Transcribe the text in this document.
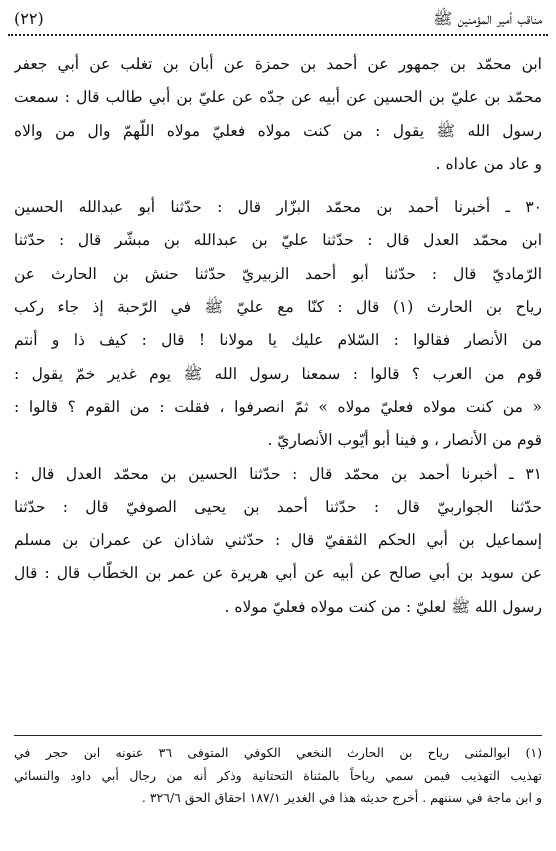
مناقب أمير المؤمنين ﷺ
(٢٢)
ابن محمّد بن جمهور عن أحمد بن حمزة عن أبان بن تغلب عن أبي جعفر
محمّد بن عليّ بن الحسين عن أبيه عن جدّه عن عليّ بن أبي طالب قال : سمعت
رسول الله ﷺ يقول : من كنت مولاه فعليّ مولاه اللّهمّ وال من والاه
و عاد من عاداه .
٣٠ ـ أخبرنا أحمد بن محمّد البزّار قال : حدّثنا أبو عبدالله الحسين
ابن محمّد العدل قال : حدّثنا عليّ بن عبدالله بن مبشّر قال : حدّثنا
الرّماديّ قال : حدّثنا أبو أحمد الزبيريّ حدّثنا حنش بن الحارث عن
رياح بن الحارث (١) قال : كنّا مع عليّ ﷺ في الرّحبة إذ جاء ركب
من الأنصار فقالوا : السّلام عليك يا مولانا ! قال : كيف ذا و أنتم
قوم من العرب ؟ قالوا : سمعنا رسول الله ﷺ يوم غدير خمّ يقول :
« من كنت مولاه فعليّ مولاه » ثمّ انصرفوا ، فقلت : من القوم ؟ قالوا :
قوم من الأنصار ، و فينا أبو أيّوب الأنصاريّ .
٣١ ـ أخبرنا أحمد بن محمّد قال : حدّثنا الحسين بن محمّد العدل قال :
حدّثنا الجواربيّ قال : حدّثنا أحمد بن يحيى الصوفيّ قال : حدّثنا
إسماعيل بن أبي الحكم الثقفيّ قال : حدّثني شاذان عن عمران بن مسلم
عن سويد بن أبي صالح عن أبيه عن أبي هريرة عن عمر بن الخطّاب قال : قال
رسول الله ﷺ لعليّ : من كنت مولاه فعليّ مولاه .
(١) ابوالمثنى رياح بن الحارث النخعي الكوفي المتوفى ٣٦ عنونه ابن حجر في
تهذيب التهذيب فيمن سمي رياحاً بالمثناة التحتانية وذكر أنه من رجال أبي داود والنسائي
و ابن ماجة في سننهم . أخرج حديثه هذا في الغدير ١٨٧/١ احقاق الحق ٣٢٦/٦ .
